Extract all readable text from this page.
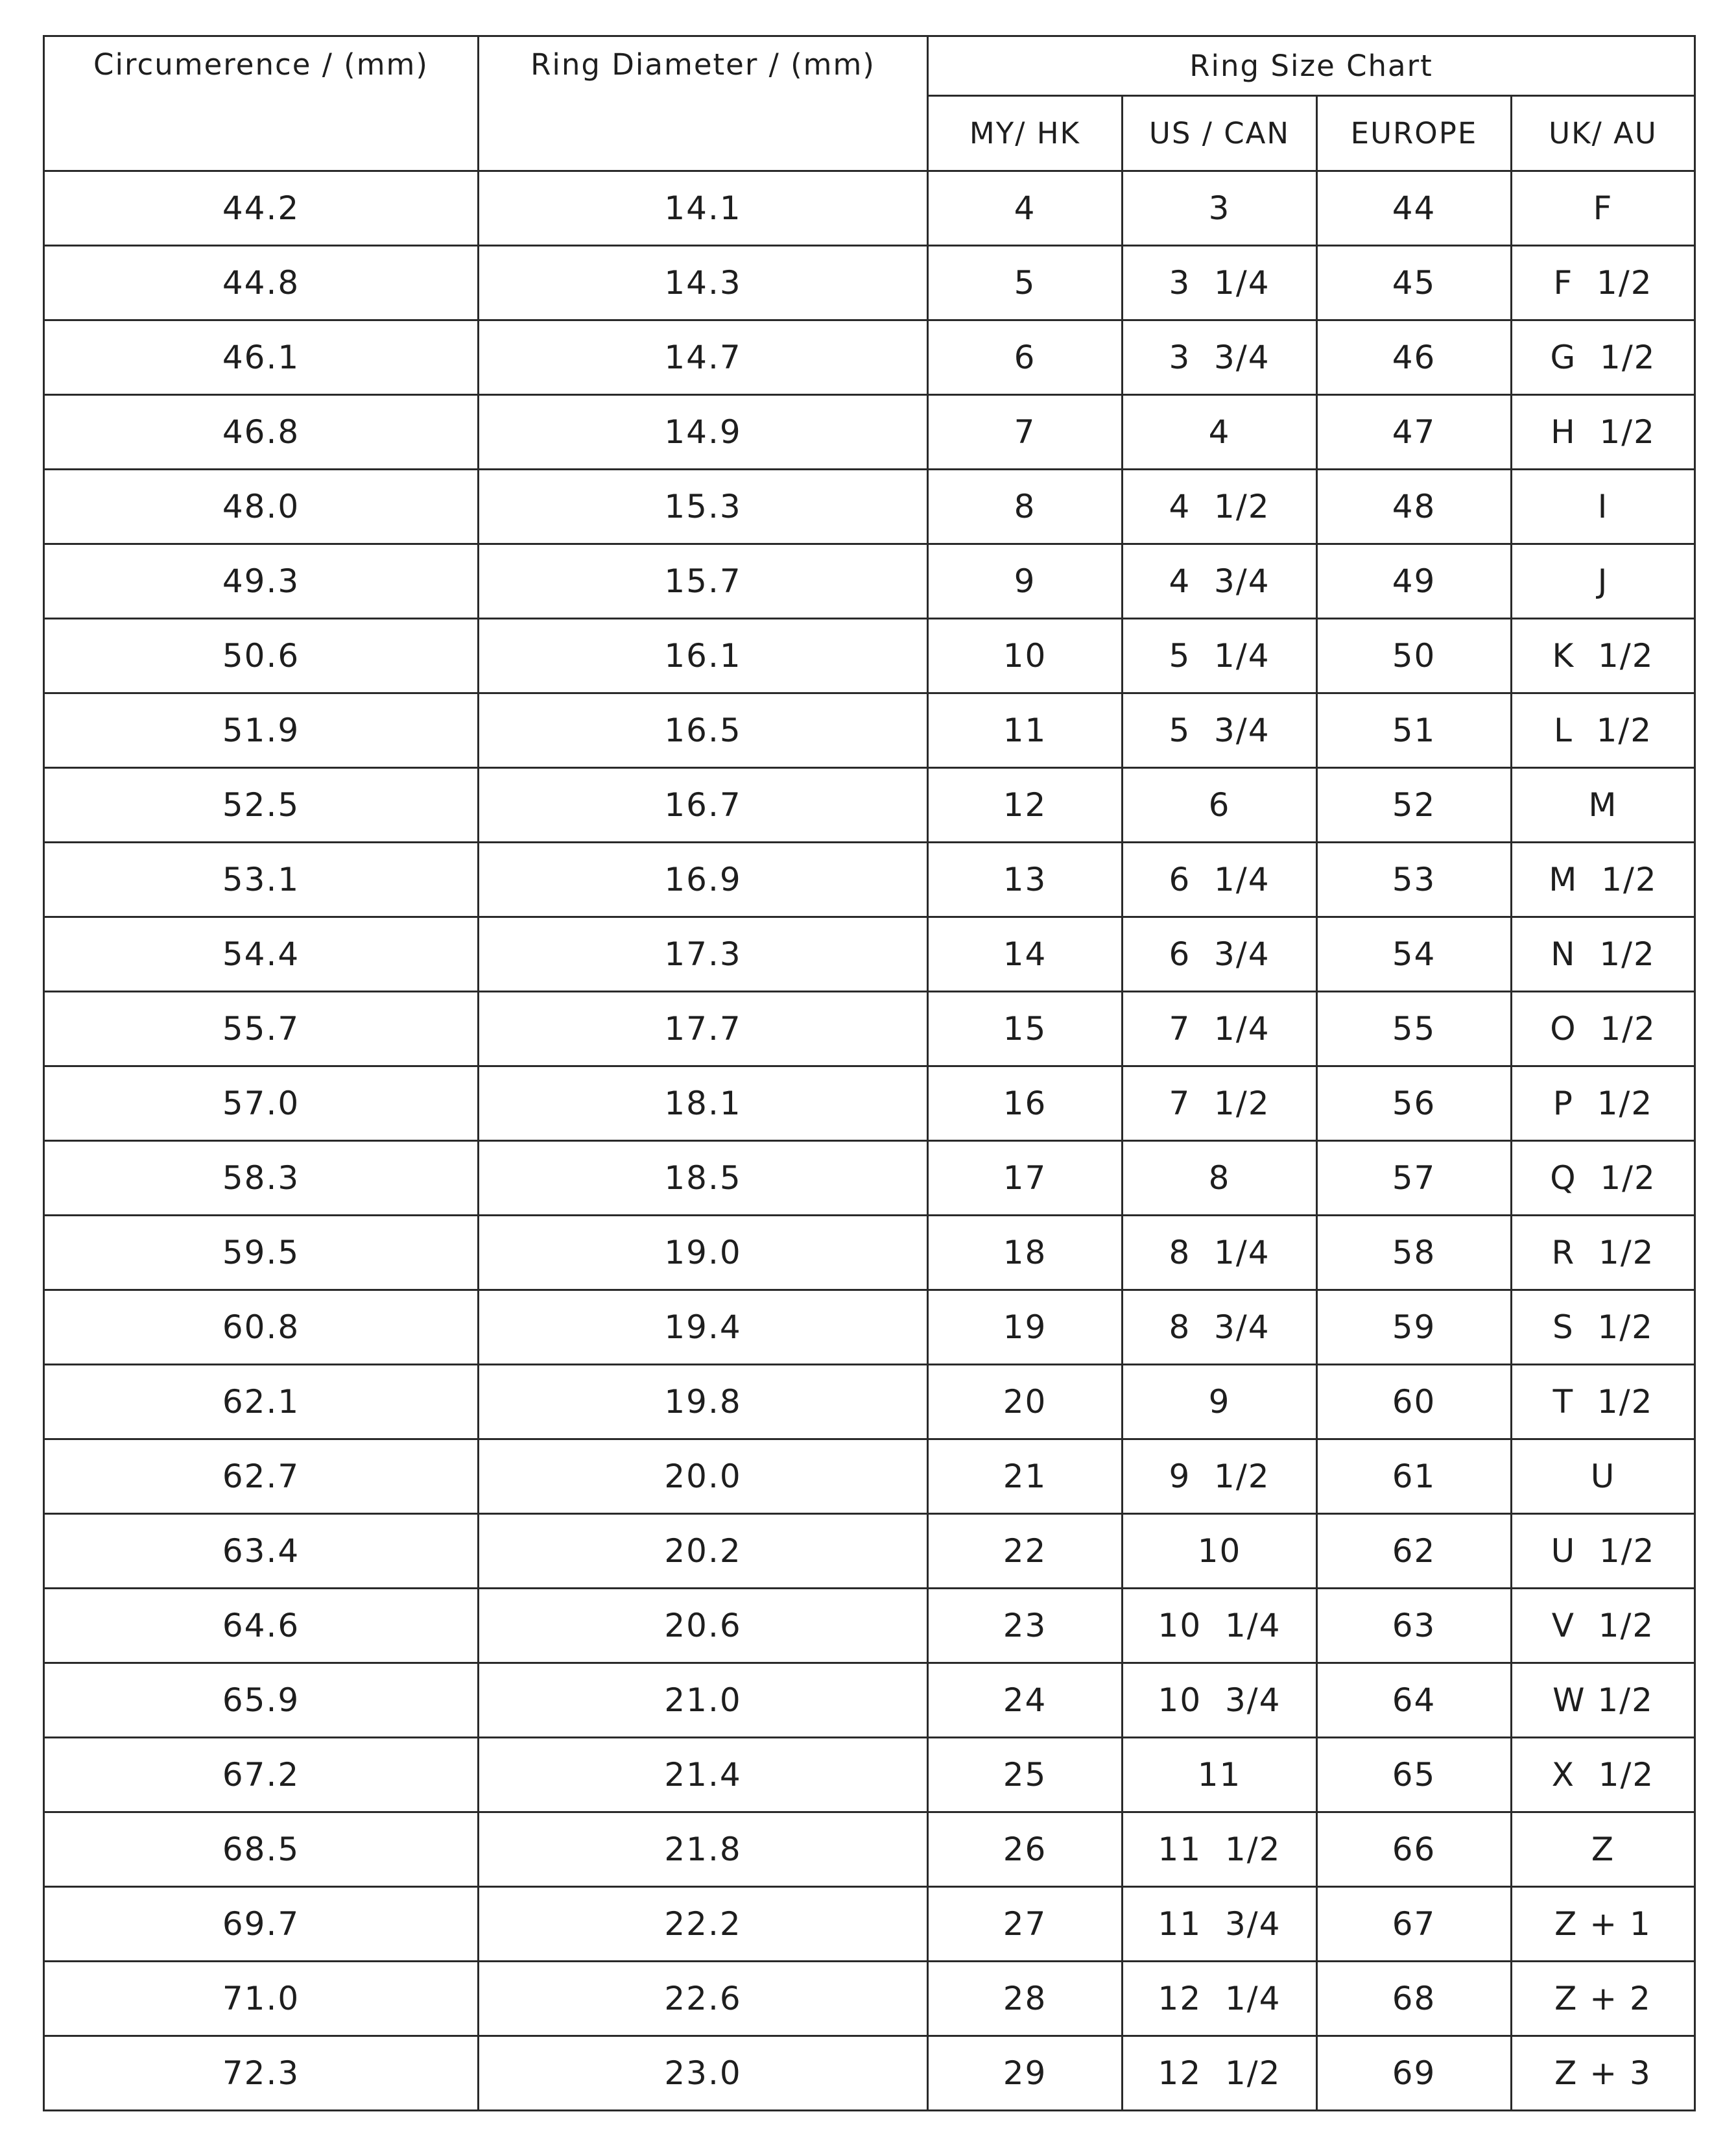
Circumerence / (mm)	Ring Diameter / (mm)	Ring Size Chart			
		MY/ HK	US / CAN	EUROPE	UK/ AU
44.2	14.1	4	3	44	F
44.8	14.3	5	3  1/4	45	F  1/2
46.1	14.7	6	3  3/4	46	G  1/2
46.8	14.9	7	4	47	H  1/2
48.0	15.3	8	4  1/2	48	I
49.3	15.7	9	4  3/4	49	J
50.6	16.1	10	5  1/4	50	K  1/2
51.9	16.5	11	5  3/4	51	L  1/2
52.5	16.7	12	6	52	M
53.1	16.9	13	6  1/4	53	M  1/2
54.4	17.3	14	6  3/4	54	N  1/2
55.7	17.7	15	7  1/4	55	O  1/2
57.0	18.1	16	7  1/2	56	P  1/2
58.3	18.5	17	8	57	Q  1/2
59.5	19.0	18	8  1/4	58	R  1/2
60.8	19.4	19	8  3/4	59	S  1/2
62.1	19.8	20	9	60	T  1/2
62.7	20.0	21	9  1/2	61	U
63.4	20.2	22	10	62	U  1/2
64.6	20.6	23	10  1/4	63	V  1/2
65.9	21.0	24	10  3/4	64	W 1/2
67.2	21.4	25	11	65	X  1/2
68.5	21.8	26	11  1/2	66	Z
69.7	22.2	27	11  3/4	67	Z + 1
71.0	22.6	28	12  1/4	68	Z + 2
72.3	23.0	29	12  1/2	69	Z + 3
